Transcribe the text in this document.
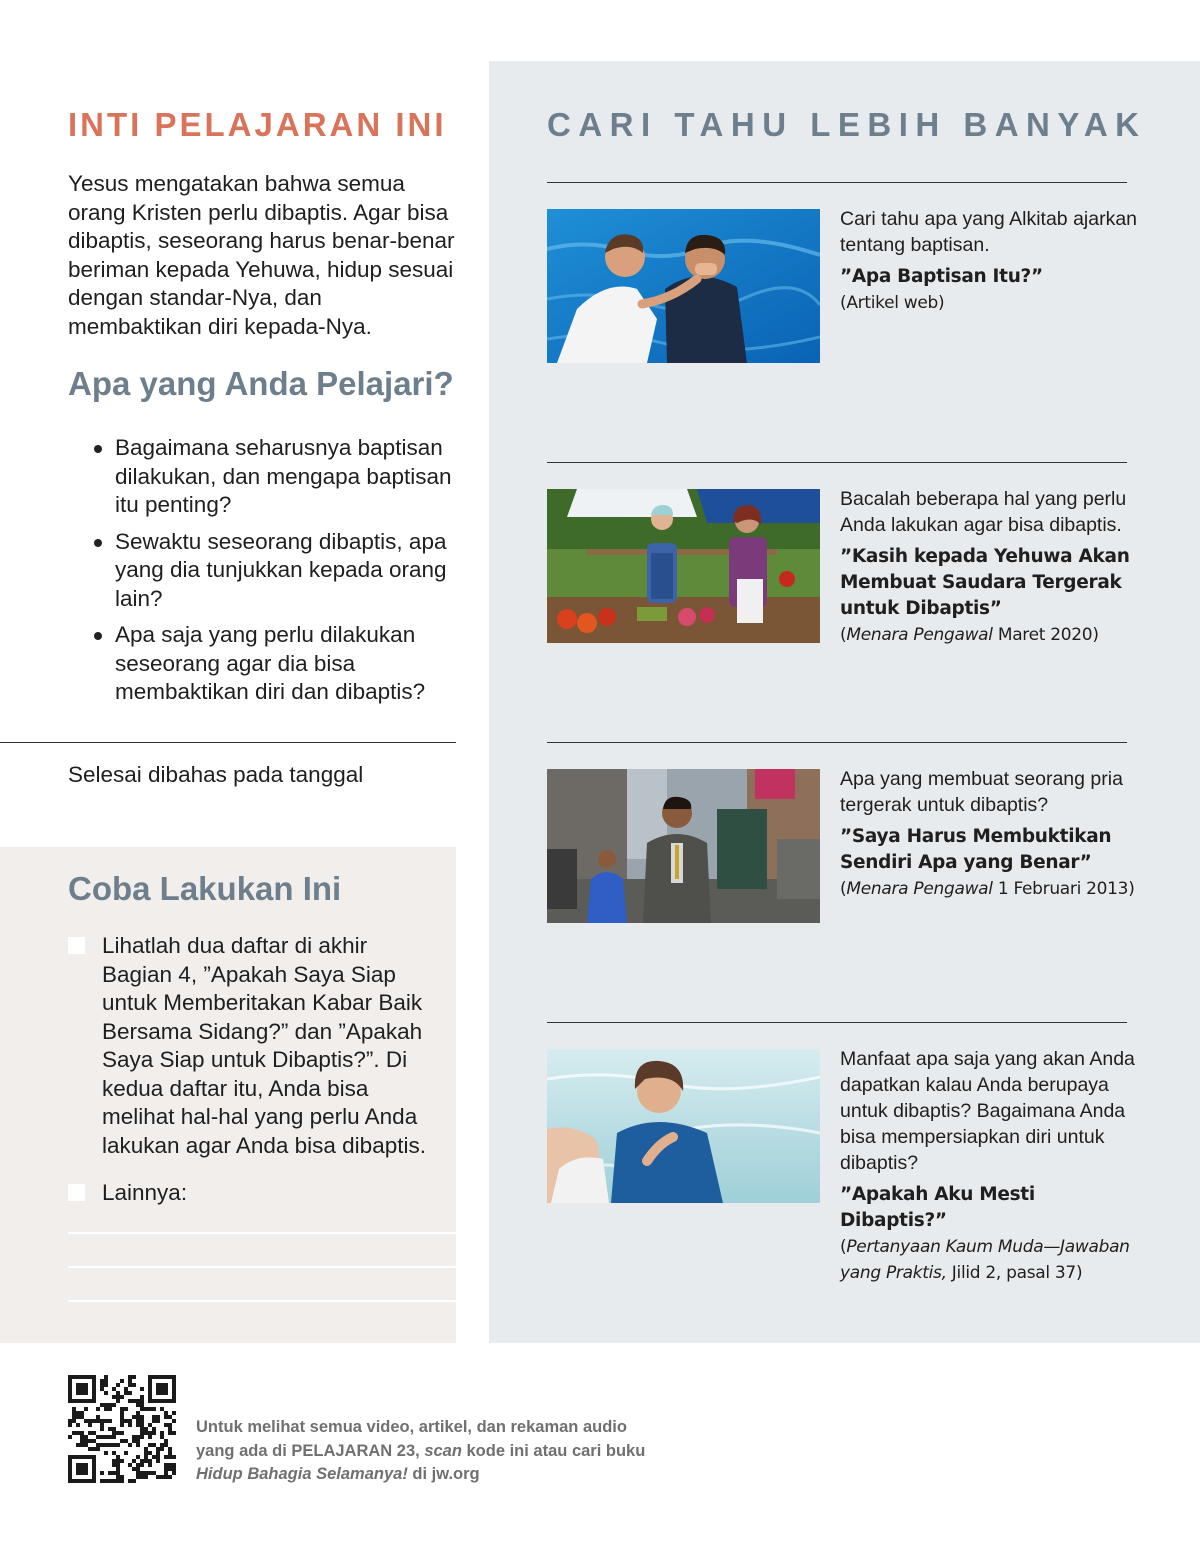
INTI PELAJARAN INI

Yesus mengatakan bahwa semua orang Kristen perlu dibaptis. Agar bisa dibaptis, seseorang harus benar-benar beriman kepada Yehuwa, hidup sesuai dengan standar-Nya, dan membaktikan diri kepada-Nya.

Apa yang Anda Pelajari?
Bagaimana seharusnya baptisan dilakukan, dan mengapa baptisan itu penting?
Sewaktu seseorang dibaptis, apa yang dia tunjukkan kepada orang lain?
Apa saja yang perlu dilakukan seseorang agar dia bisa membaktikan diri dan dibaptis?
Selesai dibahas pada tanggal
Coba Lakukan Ini
Lihatlah dua daftar di akhir Bagian 4, ”Apakah Saya Siap untuk Memberitakan Kabar Baik Bersama Sidang?” dan ”Apakah Saya Siap untuk Dibaptis?”. Di kedua daftar itu, Anda bisa melihat hal-hal yang perlu Anda lakukan agar Anda bisa dibaptis.
Lainnya:
CARI TAHU LEBIH BANYAK

Cari tahu apa yang Alkitab ajarkan tentang baptisan.

”Apa Baptisan Itu?”

(Artikel web)

Bacalah beberapa hal yang perlu Anda lakukan agar bisa dibaptis.

”Kasih kepada Yehuwa Akan Membuat Saudara Tergerak untuk Dibaptis”

(Menara Pengawal Maret 2020)

Apa yang membuat seorang pria tergerak untuk dibaptis?

”Saya Harus Membuktikan Sendiri Apa yang Benar”

(Menara Pengawal 1 Februari 2013)

Manfaat apa saja yang akan Anda dapatkan kalau Anda berupaya untuk dibaptis? Bagaimana Anda bisa mempersiapkan diri untuk dibaptis?

”Apakah Aku Mesti Dibaptis?”

(Pertanyaan Kaum Muda—Jawaban yang Praktis, Jilid 2, pasal 37)

Untuk melihat semua video, artikel, dan rekaman audio
yang ada di PELAJARAN 23, scan kode ini atau cari buku
Hidup Bahagia Selamanya! di jw.org
